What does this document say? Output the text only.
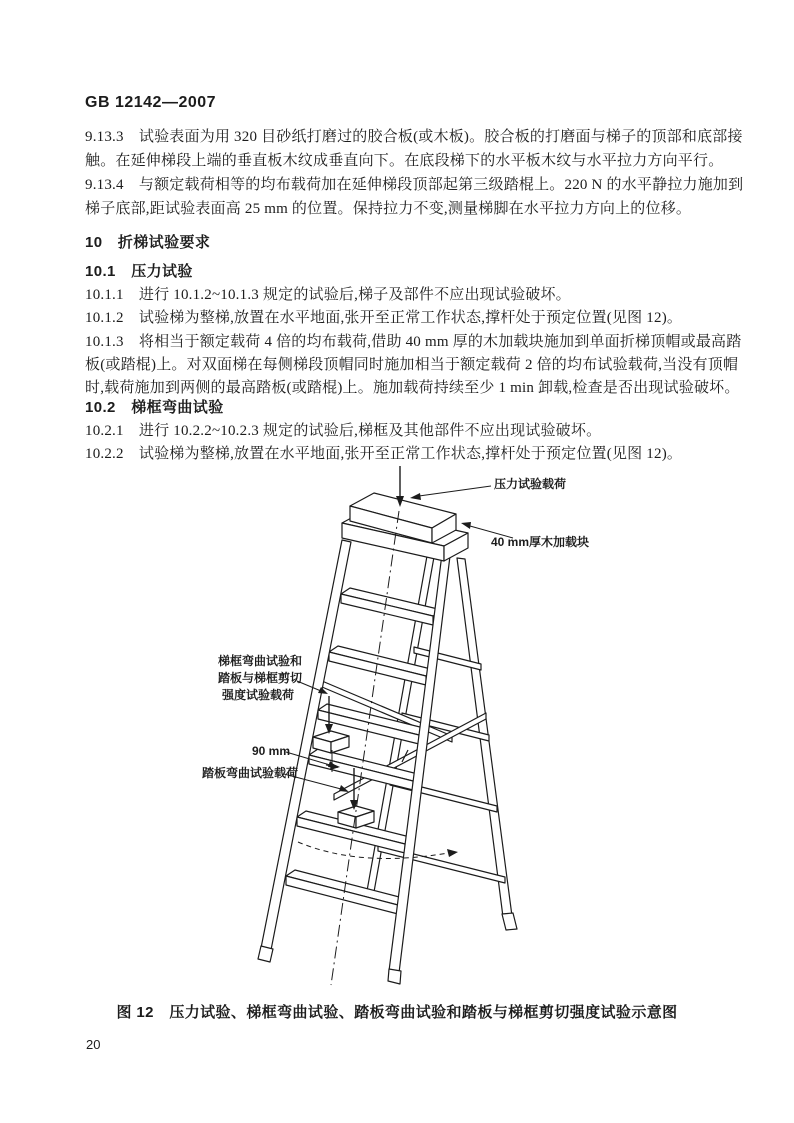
GB 12142—2007
9.13.3　试验表面为用 320 目砂纸打磨过的胶合板(或木板)。胶合板的打磨面与梯子的顶部和底部接
触。在延伸梯段上端的垂直板木纹成垂直向下。在底段梯下的水平板木纹与水平拉力方向平行。
9.13.4　与额定载荷相等的均布载荷加在延伸梯段顶部起第三级踏棍上。220 N 的水平静拉力施加到
梯子底部,距试验表面高 25 mm 的位置。保持拉力不变,测量梯脚在水平拉力方向上的位移。
10　折梯试验要求
10.1　压力试验
10.1.1　进行 10.1.2~10.1.3 规定的试验后,梯子及部件不应出现试验破坏。
10.1.2　试验梯为整梯,放置在水平地面,张开至正常工作状态,撑杆处于预定位置(见图 12)。
10.1.3　将相当于额定载荷 4 倍的均布载荷,借助 40 mm 厚的木加载块施加到单面折梯顶帽或最高踏
板(或踏棍)上。对双面梯在每侧梯段顶帽同时施加相当于额定载荷 2 倍的均布试验载荷,当没有顶帽
时,载荷施加到两侧的最高踏板(或踏棍)上。施加载荷持续至少 1 min 卸载,检查是否出现试验破坏。
10.2　梯框弯曲试验
10.2.1　进行 10.2.2~10.2.3 规定的试验后,梯框及其他部件不应出现试验破坏。
10.2.2　试验梯为整梯,放置在水平地面,张开至正常工作状态,撑杆处于预定位置(见图 12)。
压力试验载荷
40 mm厚木加载块
梯框弯曲试验和
踏板与梯框剪切
强度试验载荷
90 mm
踏板弯曲试验载荷
图 12　压力试验、梯框弯曲试验、踏板弯曲试验和踏板与梯框剪切强度试验示意图
20
